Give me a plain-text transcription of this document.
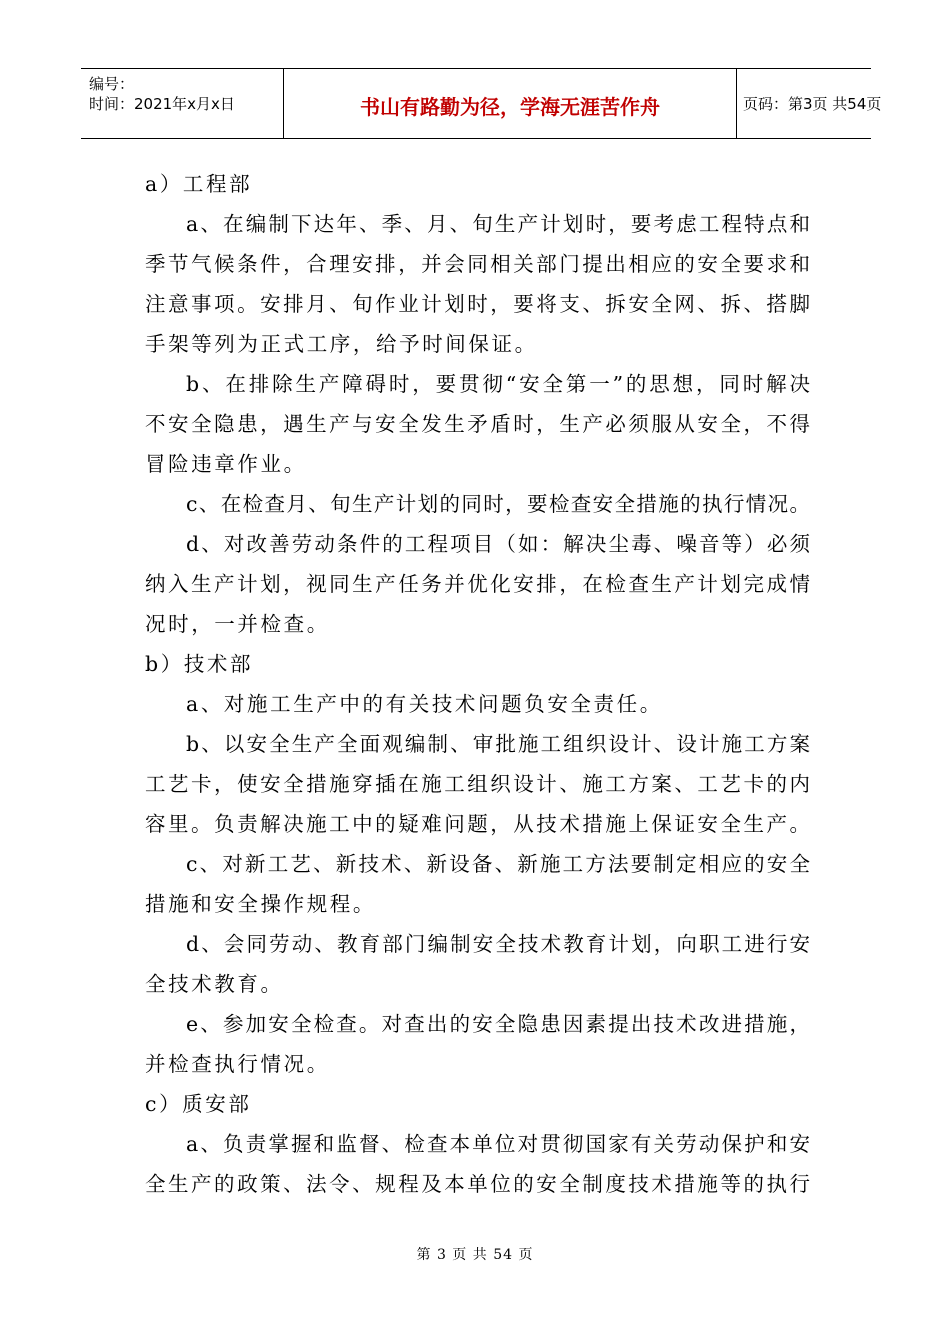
编号：
时间：2021年x月x日	书山有路勤为径，学海无涯苦作舟	页码：第3页 共54页
a）工程部
a、在编制下达年、季、月、旬生产计划时，要考虑工程特点和
季节气候条件，合理安排，并会同相关部门提出相应的安全要求和
注意事项。安排月、旬作业计划时，要将支、拆安全网、拆、搭脚
手架等列为正式工序，给予时间保证。
b、在排除生产障碍时，要贯彻“安全第一”的思想，同时解决
不安全隐患，遇生产与安全发生矛盾时，生产必须服从安全，不得
冒险违章作业。
c、在检查月、旬生产计划的同时，要检查安全措施的执行情况。
d、对改善劳动条件的工程项目（如：解决尘毒、噪音等）必须
纳入生产计划，视同生产任务并优化安排，在检查生产计划完成情
况时，一并检查。
b）技术部
a、对施工生产中的有关技术问题负安全责任。
b、以安全生产全面观编制、审批施工组织设计、设计施工方案
工艺卡，使安全措施穿插在施工组织设计、施工方案、工艺卡的内
容里。负责解决施工中的疑难问题，从技术措施上保证安全生产。
c、对新工艺、新技术、新设备、新施工方法要制定相应的安全
措施和安全操作规程。
d、会同劳动、教育部门编制安全技术教育计划，向职工进行安
全技术教育。
e、参加安全检查。对查出的安全隐患因素提出技术改进措施，
并检查执行情况。
c）质安部
a、负责掌握和监督、检查本单位对贯彻国家有关劳动保护和安
全生产的政策、法令、规程及本单位的安全制度技术措施等的执行
第 3 页 共 54 页
